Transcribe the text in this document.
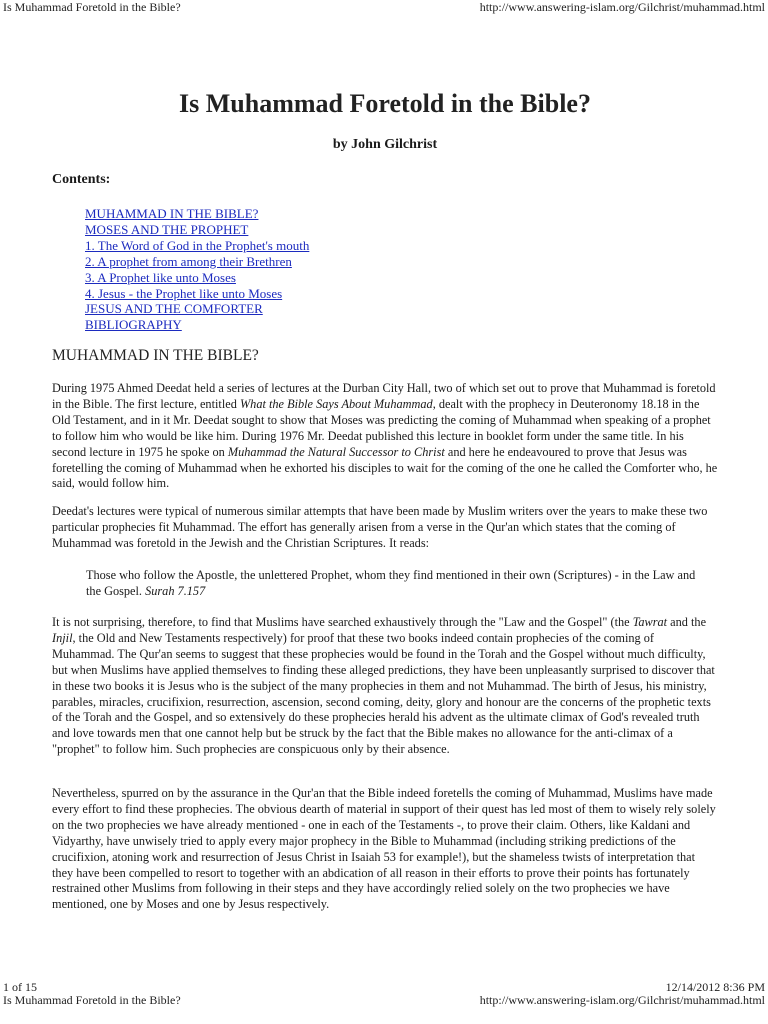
Is Muhammad Foretold in the Bible?	http://www.answering-islam.org/Gilchrist/muhammad.html
Is Muhammad Foretold in the Bible?
by John Gilchrist
Contents:
MUHAMMAD IN THE BIBLE?
MOSES AND THE PROPHET
1. The Word of God in the Prophet's mouth
2. A prophet from among their Brethren
3. A Prophet like unto Moses
4. Jesus - the Prophet like unto Moses
JESUS AND THE COMFORTER
BIBLIOGRAPHY
MUHAMMAD IN THE BIBLE?

During 1975 Ahmed Deedat held a series of lectures at the Durban City Hall, two of which set out to prove that Muhammad is foretold in the Bible. The first lecture, entitled What the Bible Says About Muhammad, dealt with the prophecy in Deuteronomy 18.18 in the Old Testament, and in it Mr. Deedat sought to show that Moses was predicting the coming of Muhammad when speaking of a prophet to follow him who would be like him. During 1976 Mr. Deedat published this lecture in booklet form under the same title. In his second lecture in 1975 he spoke on Muhammad the Natural Successor to Christ and here he endeavoured to prove that Jesus was foretelling the coming of Muhammad when he exhorted his disciples to wait for the coming of the one he called the Comforter who, he said, would follow him.

Deedat's lectures were typical of numerous similar attempts that have been made by Muslim writers over the years to make these two particular prophecies fit Muhammad. The effort has generally arisen from a verse in the Qur'an which states that the coming of Muhammad was foretold in the Jewish and the Christian Scriptures. It reads:

Those who follow the Apostle, the unlettered Prophet, whom they find mentioned in their own (Scriptures) - in the Law and the Gospel. Surah 7.157

It is not surprising, therefore, to find that Muslims have searched exhaustively through the "Law and the Gospel" (the Tawrat and the Injil, the Old and New Testaments respectively) for proof that these two books indeed contain prophecies of the coming of Muhammad. The Qur'an seems to suggest that these prophecies would be found in the Torah and the Gospel without much difficulty, but when Muslims have applied themselves to finding these alleged predictions, they have been unpleasantly surprised to discover that in these two books it is Jesus who is the subject of the many prophecies in them and not Muhammad. The birth of Jesus, his ministry, parables, miracles, crucifixion, resurrection, ascension, second coming, deity, glory and honour are the concerns of the prophetic texts of the Torah and the Gospel, and so extensively do these prophecies herald his advent as the ultimate climax of God's revealed truth and love towards men that one cannot help but be struck by the fact that the Bible makes no allowance for the anti-climax of a "prophet" to follow him. Such prophecies are conspicuous only by their absence.

Nevertheless, spurred on by the assurance in the Qur'an that the Bible indeed foretells the coming of Muhammad, Muslims have made every effort to find these prophecies. The obvious dearth of material in support of their quest has led most of them to wisely rely solely on the two prophecies we have already mentioned - one in each of the Testaments -, to prove their claim. Others, like Kaldani and Vidyarthy, have unwisely tried to apply every major prophecy in the Bible to Muhammad (including striking predictions of the crucifixion, atoning work and resurrection of Jesus Christ in Isaiah 53 for example!), but the shameless twists of interpretation that they have been compelled to resort to together with an abdication of all reason in their efforts to prove their points has fortunately restrained other Muslims from following in their steps and they have accordingly relied solely on the two prophecies we have mentioned, one by Moses and one by Jesus respectively.

1 of 15	12/14/2012 8:36 PM
Is Muhammad Foretold in the Bible?	http://www.answering-islam.org/Gilchrist/muhammad.html
